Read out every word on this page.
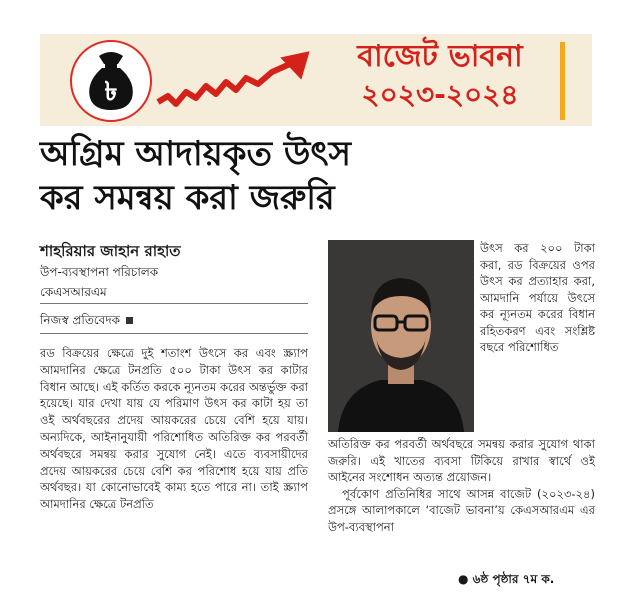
৳
বাজেট ভাবনা
২০২৩-২০২৪
অগ্রিম আদায়কৃত উৎস
কর সমন্বয় করা জরুরি
শাহরিয়ার জাহান রাহাত
উপ-ব্যবস্থাপনা পরিচালক
কেএসআরএম
নিজস্ব প্রতিবেদক
রড বিক্রয়ের ক্ষেত্রে দুই শতাংশ উৎসে কর এবং স্ক্র্যাপ আমদানির ক্ষেত্রে টনপ্রতি ৫০০ টাকা উৎস কর কাটার বিধান আছে। এই কর্তিত করকে ন্যূনতম করের অন্তর্ভুক্ত করা হয়েছে। যার দেখা যায় যে পরিমাণ উৎস কর কাটা হয় তা ওই অর্থবছরের প্রদেয় আয়করের চেয়ে বেশি হয়ে যায়। অন্যদিকে, আইনানুযায়ী পরিশোধিত অতিরিক্ত কর পরবর্তী অর্থবছরে সমন্বয় করার সুযোগ নেই। এতে ব্যবসায়ীদের প্রদেয় আয়করের চেয়ে বেশি কর পরিশোধ হয়ে যায় প্রতি অর্থবছর। যা কোনোভাবেই কাম্য হতে পারে না। তাই স্ক্র্যাপ আমদানির ক্ষেত্রে টনপ্রতি
উৎস কর ২০০ টাকা করা, রড বিক্রয়ের ওপর উৎস কর প্রত্যাহার করা, আমদানি পর্যায়ে উৎসে কর ন্যূনতম করের বিধান রহিতকরণ এবং সংশ্লিষ্ট বছরে পরিশোধিত
অতিরিক্ত কর পরবর্তী অর্থবছরে সমন্বয় করার সুযোগ থাকা জরুরি। এই খাতের ব্যবসা টিকিয়ে রাখার স্বার্থে ওই আইনের সংশোধন অত্যন্ত প্রয়োজন।
পূর্বকোণ প্রতিনিধির সাথে আসন্ন বাজেট (২০২৩-২৪) প্রসঙ্গে আলাপকালে ‘বাজেট ভাবনা’য় কেএসআরএম এর উপ-ব্যবস্থাপনা
● ৬ষ্ঠ পৃষ্ঠার ৭ম ক.
